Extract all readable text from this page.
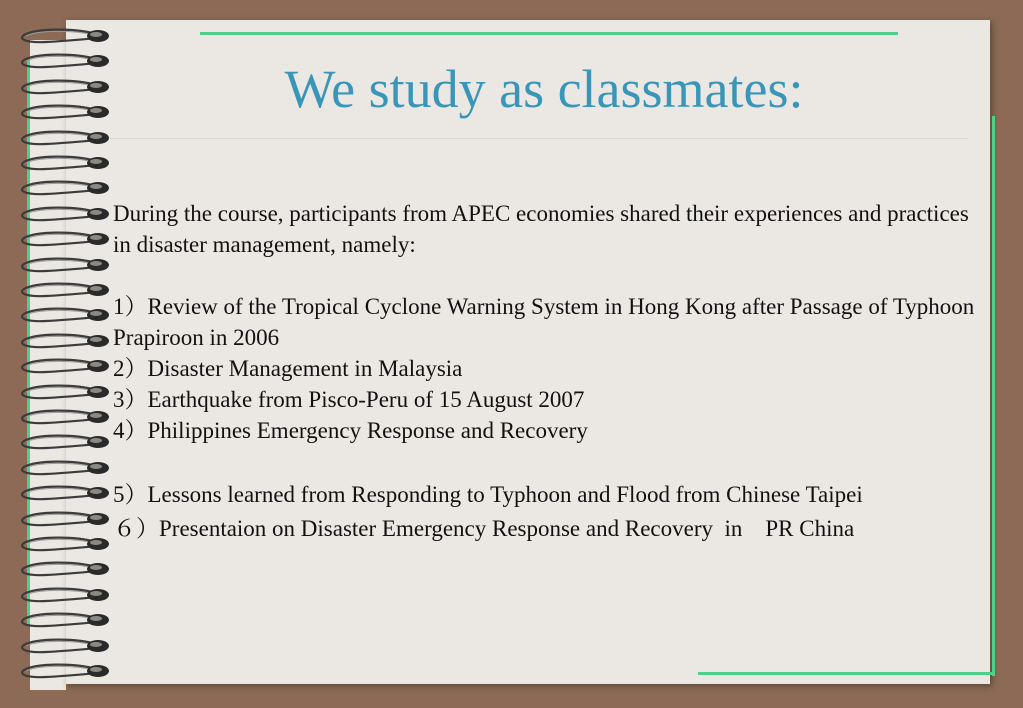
We study as classmates:

During the course, participants from APEC economies shared their experiences and practices in disaster management, namely:

1）Review of the Tropical Cyclone Warning System in Hong Kong after Passage of Typhoon Prapiroon in 2006

2）Disaster Management in Malaysia

3）Earthquake from Pisco-Peru of 15 August 2007

4）Philippines Emergency Response and Recovery

5）Lessons learned from Responding to Typhoon and Flood from Chinese Taipei

６）Presentaion on Disaster Emergency Response and Recovery  in    PR China
